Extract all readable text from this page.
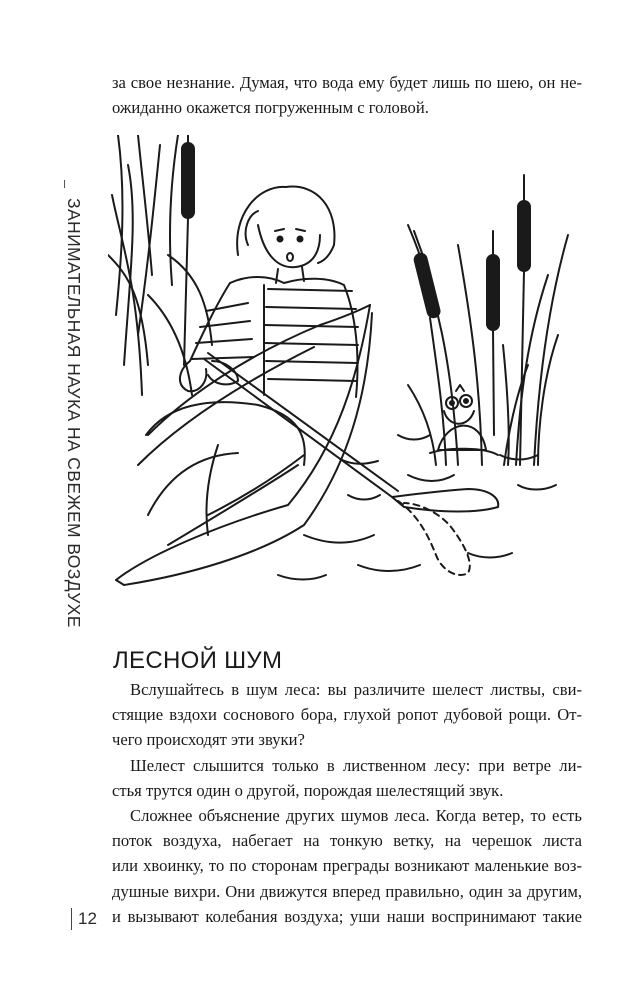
за свое незнание. Думая, что вода ему будет лишь по шею, он не-
ожиданно окажется погруженным с головой.
ЗАНИМАТЕЛЬНАЯ НАУКА НА СВЕЖЕМ ВОЗДУХЕ
ЛЕСНОЙ ШУМ
Вслушайтесь в шум леса: вы различите шелест листвы, сви-
стящие вздохи соснового бора, глухой ропот дубовой рощи. От-
чего происходят эти звуки?
Шелест слышится только в лиственном лесу: при ветре ли-
стья трутся один о другой, порождая шелестящий звук.
Сложнее объяснение других шумов леса. Когда ветер, то есть
поток воздуха, набегает на тонкую ветку, на черешок листа
или хвоинку, то по сторонам преграды возникают маленькие воз-
душные вихри. Они движутся вперед правильно, один за другим,
и вызывают колебания воздуха; уши наши воспринимают такие
12
